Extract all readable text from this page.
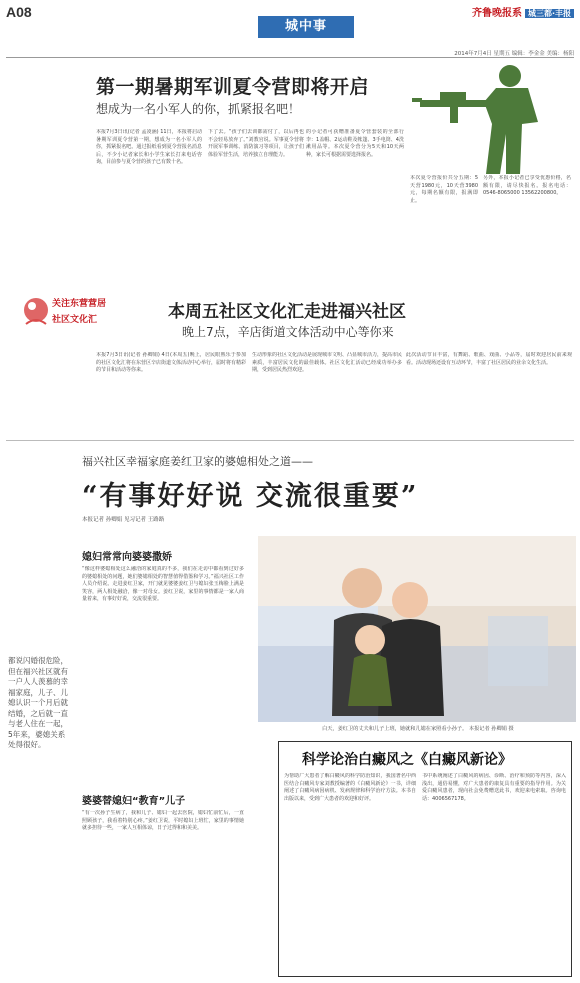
A08
城中事
齐鲁晚报系 城三都·丰报
2014年7月4日 星期五 编辑：李金金 美编：杨阳
第一期暑期军训夏令营即将开启
想成为一名小军人的你，抓紧报名吧！
本报7月3日讯(记者 孟凌涵) 11日，本报将启动暑期军训夏令营第一期，想成为一名小军人的你，抓紧报名吧。通过报纸看到夏令营报名消息后，不少小记者家长和小学生家长打来电话咨询，目前参与夏令营的孩子已有数十名。
下了去。“孩子们去训都需付了，以后再也不会轻易放弃了。”刘教官说。军事夏令营将开展军事训练、消防演习等项目，让孩子们体验军营生活，培养独立自理能力。
的小记者可获赠准备夏令营套装的全部行李：1盖帽、2运动鞋及帐篷、3手电筒、4洗漱用品等。本次夏令营分为5天和10天两种，家长可根据需要选择报名。
本次夏令营报价共分五期：5天营1980元，10天营3980元，每期名额有限，报满即止。
另外，本报小记者已享受优惠价格，名额有限，请尽快报名。报名电话：0546-8065000 13562200800。
关注东营营居
社区文化汇	本周五社区文化汇走进福兴社区
晚上7点，辛店街道文体活动中心等你来
本报7月3日讯(记者 孙卿娟) 4日(本周五)晚上，居民眼熟乐于参加的社区文化汇将在东营区辛店街道文体活动中心举行，届时将有精彩的节目和活动等你来。
生动形象的社区文化活动是展现城市文明、凸显城市活力，提高市民素质，丰富居民文化的最佳载体。社区文化汇活动已经成功举办多期，受到居民热烈欢迎。
此次活动节目丰富，有舞蹈、歌曲、戏曲、小品等，届时欢迎居民前来观看。活动现场还设有互动环节，丰富了社区居民的业余文化生活。
福兴社区幸福家庭姜红卫家的婆媳相处之道——
“有事好好说 交流很重要”
本报记者 孙卿娟 见习记者 王路路
都说闪婚很危险，但在福兴社区就有一户人人羡慕的幸福家庭，儿子、儿媳认识一个月后就结婚，之后就一直与老人住在一起，5年来，婆媳关系处得很好。
媳妇常常向婆婆撒娇
“像这样婆媳相处这么融洽的家庭真的不多，我们在走访中都看到过好多的婆媳相处的问题，她们婆媳相处的智慧值得借鉴和学习。”福兴社区工作人员介绍说。走进姜红卫家，开门就见婆婆姜红卫与媳妇张玉梅脸上满是笑容，两人相处融洽，像一对母女。姜红卫说，家里的事情都是一家人商量着来，有事好好说，交流很重要。
婆婆替媳妇“教育”儿子
“有一次孙子生病了，我和儿子、媳妇一起去医院，媳妇忙前忙后，一直照顾孩子，我看着特别心疼。”姜红卫说，平时媳妇上班忙，家里的事情她就多担待一些，一家人互相体谅，日子过得和和美美。
白天，姜红卫的丈夫和儿子上班，她就和儿媳在家照看小孙子。 本报记者 孙卿娟 摄
科学论治白癜风之《白癜风新论》
为帮助广大患者了解白癜风的科学防治知识，我国著名中西医结合白癜风专家刘教授编著的《白癜风新论》一书，详细阐述了白癜风病因病机、发病规律和科学治疗方法。本书自出版以来，受到广大患者的欢迎和好评。
书中系统阐述了白癜风的病因、诊断、治疗和预防等内容，深入浅出，通俗易懂，对广大患者的康复具有重要的指导作用。为关爱白癜风患者，现向社会免费赠送此书，欢迎来电索取。咨询电话：4006567178。
